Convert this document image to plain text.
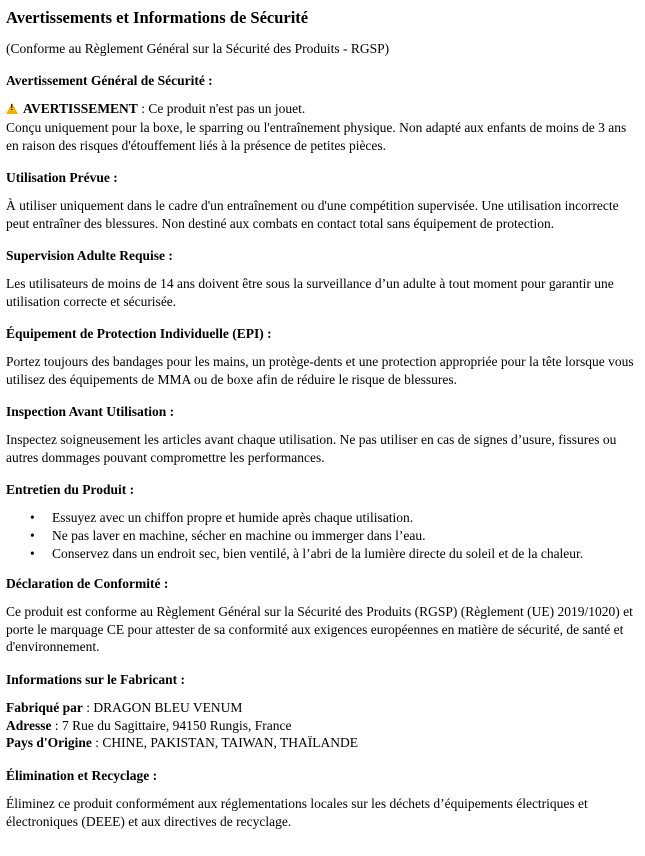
Avertissements et Informations de Sécurité
(Conforme au Règlement Général sur la Sécurité des Produits - RGSP)
Avertissement Général de Sécurité :

!AVERTISSEMENT : Ce produit n'est pas un jouet.

Conçu uniquement pour la boxe, le sparring ou l'entraînement physique. Non adapté aux enfants de moins de 3 ans en raison des risques d'étouffement liés à la présence de petites pièces.

Utilisation Prévue :

À utiliser uniquement dans le cadre d'un entraînement ou d'une compétition supervisée. Une utilisation incorrecte peut entraîner des blessures. Non destiné aux combats en contact total sans équipement de protection.

Supervision Adulte Requise :

Les utilisateurs de moins de 14 ans doivent être sous la surveillance d’un adulte à tout moment pour garantir une utilisation correcte et sécurisée.

Équipement de Protection Individuelle (EPI) :

Portez toujours des bandages pour les mains, un protège-dents et une protection appropriée pour la tête lorsque vous utilisez des équipements de MMA ou de boxe afin de réduire le risque de blessures.

Inspection Avant Utilisation :

Inspectez soigneusement les articles avant chaque utilisation. Ne pas utiliser en cas de signes d’usure, fissures ou autres dommages pouvant compromettre les performances.

Entretien du Produit :
• Essuyez avec un chiffon propre et humide après chaque utilisation.
• Ne pas laver en machine, sécher en machine ou immerger dans l’eau.
• Conservez dans un endroit sec, bien ventilé, à l’abri de la lumière directe du soleil et de la chaleur.
Déclaration de Conformité :

Ce produit est conforme au Règlement Général sur la Sécurité des Produits (RGSP) (Règlement (UE) 2019/1020) et porte le marquage CE pour attester de sa conformité aux exigences européennes en matière de sécurité, de santé et d'environnement.

Informations sur le Fabricant :
Fabriqué par : DRAGON BLEU VENUM
Adresse : 7 Rue du Sagittaire, 94150 Rungis, France
Pays d'Origine : CHINE, PAKISTAN, TAIWAN, THAÏLANDE
Élimination et Recyclage :

Éliminez ce produit conformément aux réglementations locales sur les déchets d’équipements électriques et électroniques (DEEE) et aux directives de recyclage.
